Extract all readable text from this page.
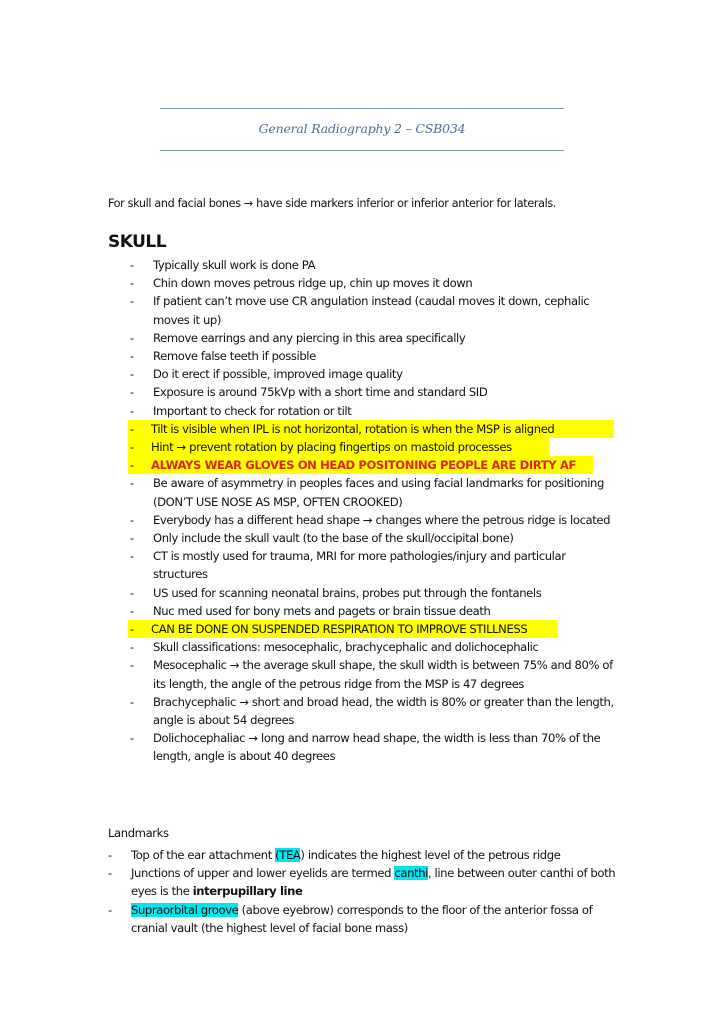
General Radiography 2 – CSB034
For skull and facial bones → have side markers inferior or inferior anterior for laterals.
SKULL
- Typically skull work is done PA
- Chin down moves petrous ridge up, chin up moves it down
- If patient can’t move use CR angulation instead (caudal moves it down, cephalic moves it up)
- Remove earrings and any piercing in this area specifically
- Remove false teeth if possible
- Do it erect if possible, improved image quality
- Exposure is around 75kVp with a short time and standard SID
- Important to check for rotation or tilt
- Tilt is visible when IPL is not horizontal, rotation is when the MSP is aligned
- Hint → prevent rotation by placing fingertips on mastoid processes
- ALWAYS WEAR GLOVES ON HEAD POSITONING PEOPLE ARE DIRTY AF
- Be aware of asymmetry in peoples faces and using facial landmarks for positioning (DON’T USE NOSE AS MSP, OFTEN CROOKED)
- Everybody has a different head shape → changes where the petrous ridge is located
- Only include the skull vault (to the base of the skull/occipital bone)
- CT is mostly used for trauma, MRI for more pathologies/injury and particular structures
- US used for scanning neonatal brains, probes put through the fontanels
- Nuc med used for bony mets and pagets or brain tissue death
- CAN BE DONE ON SUSPENDED RESPIRATION TO IMPROVE STILLNESS
- Skull classifications: mesocephalic, brachycephalic and dolichocephalic
- Mesocephalic → the average skull shape, the skull width is between 75% and 80% of its length, the angle of the petrous ridge from the MSP is 47 degrees
- Brachycephalic → short and broad head, the width is 80% or greater than the length, angle is about 54 degrees
- Dolichocephaliac → long and narrow head shape, the width is less than 70% of the length, angle is about 40 degrees
Landmarks
- Top of the ear attachment (TEA) indicates the highest level of the petrous ridge
- Junctions of upper and lower eyelids are termed canthi, line between outer canthi of both eyes is the interpupillary line
- Supraorbital groove (above eyebrow) corresponds to the floor of the anterior fossa of cranial vault (the highest level of facial bone mass)
